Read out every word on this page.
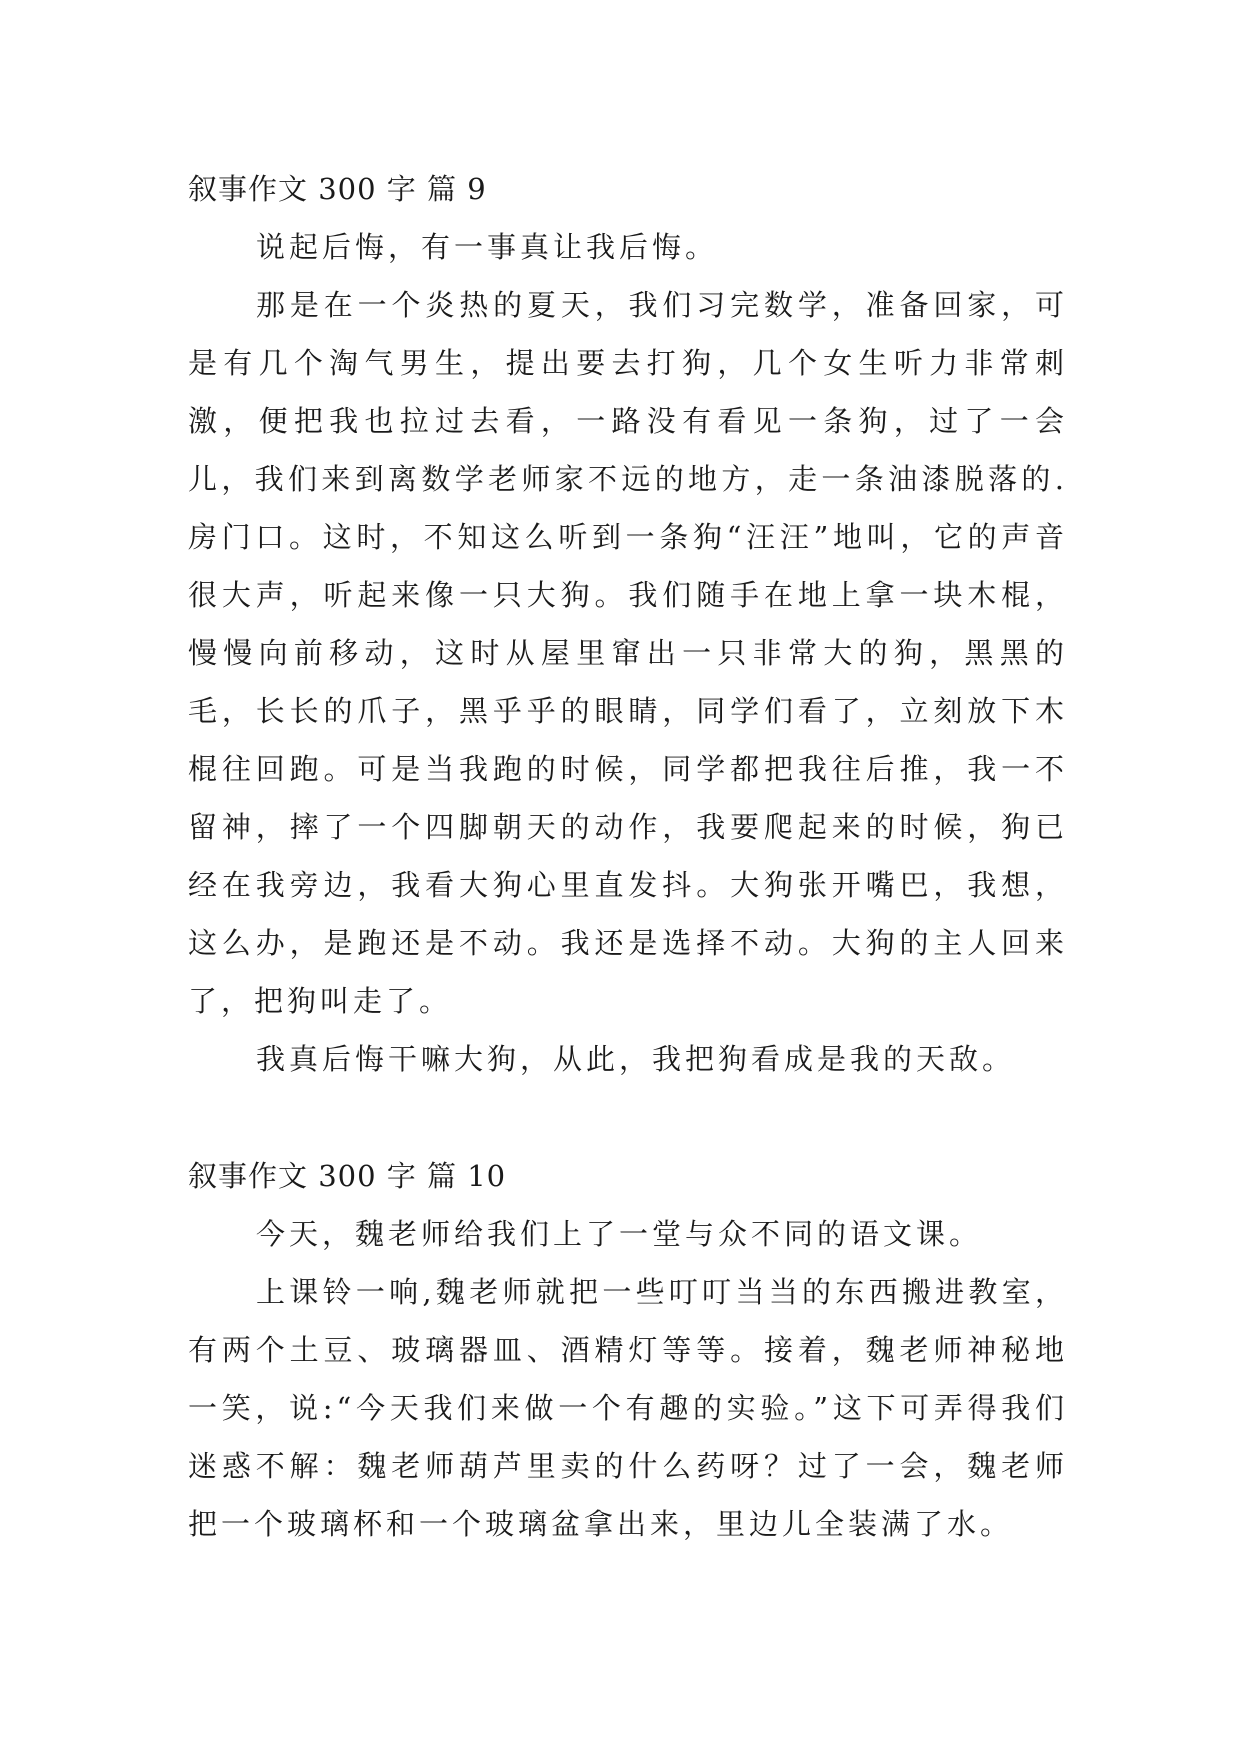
叙事作文 300 字 篇 9

说起后悔，有一事真让我后悔。

那是在一个炎热的夏天，我们习完数学，准备回家，可是有几个淘气男生，提出要去打狗，几个女生听力非常刺激，便把我也拉过去看，一路没有看见一条狗，过了一会儿，我们来到离数学老师家不远的地方，走一条油漆脱落的.房门口。这时，不知这么听到一条狗“汪汪”地叫，它的声音很大声，听起来像一只大狗。我们随手在地上拿一块木棍，慢慢向前移动，这时从屋里窜出一只非常大的狗，黑黑的毛，长长的爪子，黑乎乎的眼睛，同学们看了，立刻放下木棍往回跑。可是当我跑的时候，同学都把我往后推，我一不留神，摔了一个四脚朝天的动作，我要爬起来的时候，狗已经在我旁边，我看大狗心里直发抖。大狗张开嘴巴，我想，这么办，是跑还是不动。我还是选择不动。大狗的主人回来了，把狗叫走了。

我真后悔干嘛大狗，从此，我把狗看成是我的天敌。

叙事作文 300 字 篇 10

今天，魏老师给我们上了一堂与众不同的语文课。

上课铃一响,魏老师就把一些叮叮当当的东西搬进教室，有两个土豆、玻璃器皿、酒精灯等等。接着，魏老师神秘地一笑，说:“今天我们来做一个有趣的实验。”这下可弄得我们迷惑不解：魏老师葫芦里卖的什么药呀？过了一会，魏老师把一个玻璃杯和一个玻璃盆拿出来，里边儿全装满了水。
